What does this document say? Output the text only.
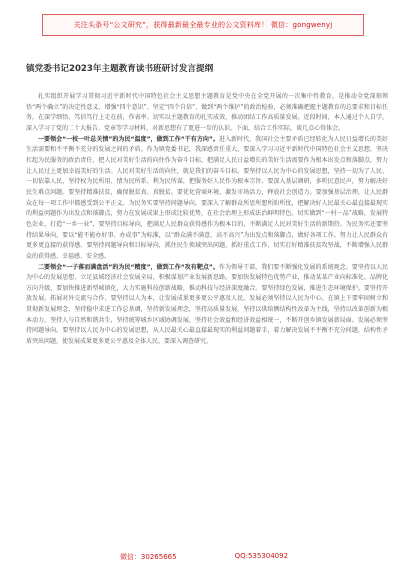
关注头条号“公文研究”，获得最新最全最专业的公文资料库！ 微信：gongwenyj
镇党委书记2023年主题教育读书班研讨发言提纲

扎实组织开展学习贯彻习近平新时代中国特色社会主义思想主题教育是党中央在全党开展的一次集中性教育，是推动全党深刻领悟“两个确立”的决定性意义、增强“四个意识”、坚定“四个自信”、做到“两个维护”的政治检验，必须准确把握主题教育的总要求和目标任务，在深学细悟、笃信笃行上走在前，作表率。切实以主题教育的扎实成效，推动团结工作高质量发展。近段时间，本人通过个人自学，深入学习了党的二十大报告、党章等学习材料，对新思想有了更进一步的认识。下面，结合工作实际，谈几点心得体会。

一要领会“一枝一叶总关情”的为民“温度”，做到工作“干有方向”。进入新时代，我国社会主要矛盾已经转化为人民日益增长的美好生活需要和不平衡不充分的发展之间的矛盾。作为镇党委书记，我深感责任重大。要深入学习习近平新时代中国特色社会主义思想，坚决扛起为民服务的政治责任，把人民对美好生活的向往作为奋斗目标，把满足人民日益增长的美好生活需要作为根本出发点和落脚点，努力让人民过上更加幸福美好的生活。人民对美好生活的向往，就是我们的奋斗目标。要坚持以人民为中心的发展思想，坚持一切为了人民、一切依靠人民，坚持权为民所用、情为民所系、利为民所谋，把服务好人民作为根本宗旨。要深入基层调研，多听民意民声，努力解决好民生难点问题。要坚持精准扶贫，确保脱贫真、真脱贫。要优化营商环境，激发市场活力，释放社会创造力。要加强基层治理，让人民群众在每一项工作中都感受到公平正义。为民务实要坚持问题导向。要深入了解群众所思所想所盼所忧，把解决好人民最关心最直接最现实的利益问题作为出发点和落脚点，努力在发展成果上形成比较优势，在社会治理上形成法治鲜明特色。切实做到“一村一品”战略，发展特色农业，打造“一乡一业”，要坚持目标导向，把满足人民群众获得感作为根本目的，不断满足人民对美好生活的新期待。为民务实还要坚持结果导向，要以“能不能办好事、办成事”为标准，以“群众满不满意、高不高兴”为出发点和落脚点，做好各项工作。努力让人民群众有更多更直接的获得感。要坚持问题导向和目标导向，抓住民生领域突出问题，抓好重点工作，切实打好精准扶贫攻坚战，不断增强人民群众的获得感、幸福感、安全感。

二要领会“一子落而满盘活”的为民“精度”，做到工作“攻有靶点”。作为领导干部，我们要不断强化发展的系统观念。要坚持以人民为中心的发展思想，立足县域经济社会发展全局，积极谋划产业发展新思路。要加快发展特色优势产业，推动某某产业向标准化、品牌化方向升级，要加快推进新型城镇化，大力实施科技创新战略，推动科技与经济深度融合。要坚持绿色发展，推进生态环境保护。要坚持开放发展，拓展对外交流与合作。要坚持以人为本，让发展成果更多更公平惠及人民。发展必须坚持以人民为中心。在镇上下要牢固树立和贯彻新发展理念，坚持稳中求进工作总基调，坚持新发展理念，坚持高质量发展，坚持以供给侧结构性改革为主线，坚持以改革创新为根本动力，坚持人与自然和谐共生，坚持统筹城乡区域协调发展，坚持社会效益和经济效益相统一，不断开创乡镇发展新局面。发展必须坚持问题导向。要坚持以人民为中心的发展思想，从人民最关心最直接最现实的利益问题着手，着力解决发展不平衡不充分问题，结构性矛盾突出问题，使发展成果更多更公平惠及全体人民。要深入调查研究，

微信：30265665	QQ:535304092
